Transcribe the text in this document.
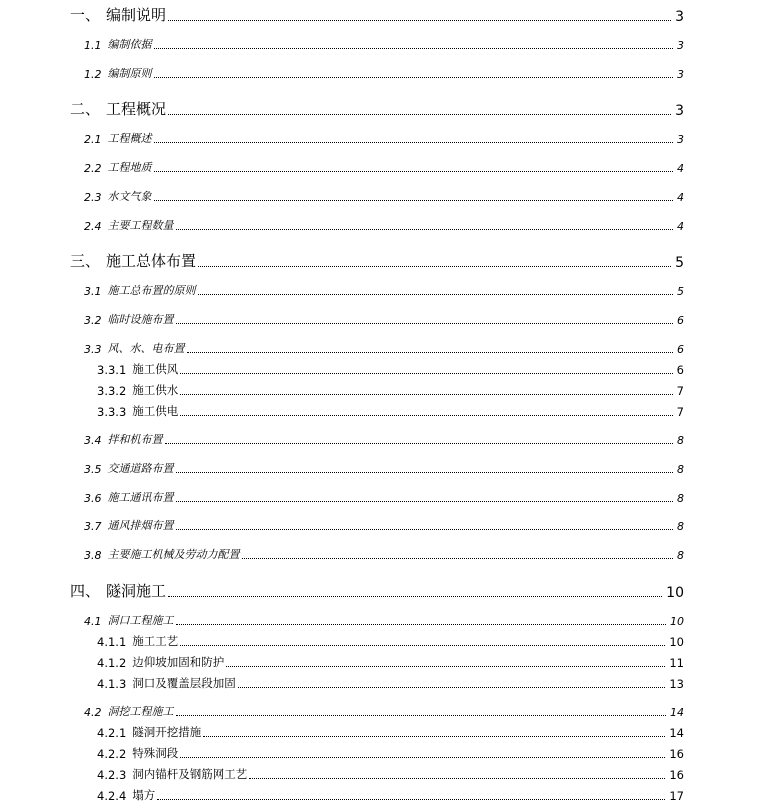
一、 编制说明	3
1.1 编制依据	3
1.2 编制原则	3
二、 工程概况	3
2.1 工程概述	3
2.2 工程地质	4
2.3 水文气象	4
2.4 主要工程数量	4
三、 施工总体布置	5
3.1 施工总布置的原则	5
3.2 临时设施布置	6
3.3 风、水、电布置	6
3.3.1 施工供风	6
3.3.2 施工供水	7
3.3.3 施工供电	7
3.4 拌和机布置	8
3.5 交通道路布置	8
3.6 施工通讯布置	8
3.7 通风排烟布置	8
3.8 主要施工机械及劳动力配置	8
四、 隧洞施工	10
4.1 洞口工程施工	10
4.1.1 施工工艺	10
4.1.2 边仰坡加固和防护	11
4.1.3 洞口及覆盖层段加固	13
4.2 洞挖工程施工	14
4.2.1 隧洞开挖措施	14
4.2.2 特殊洞段	16
4.2.3 洞内锚杆及钢筋网工艺	16
4.2.4 塌方	17
